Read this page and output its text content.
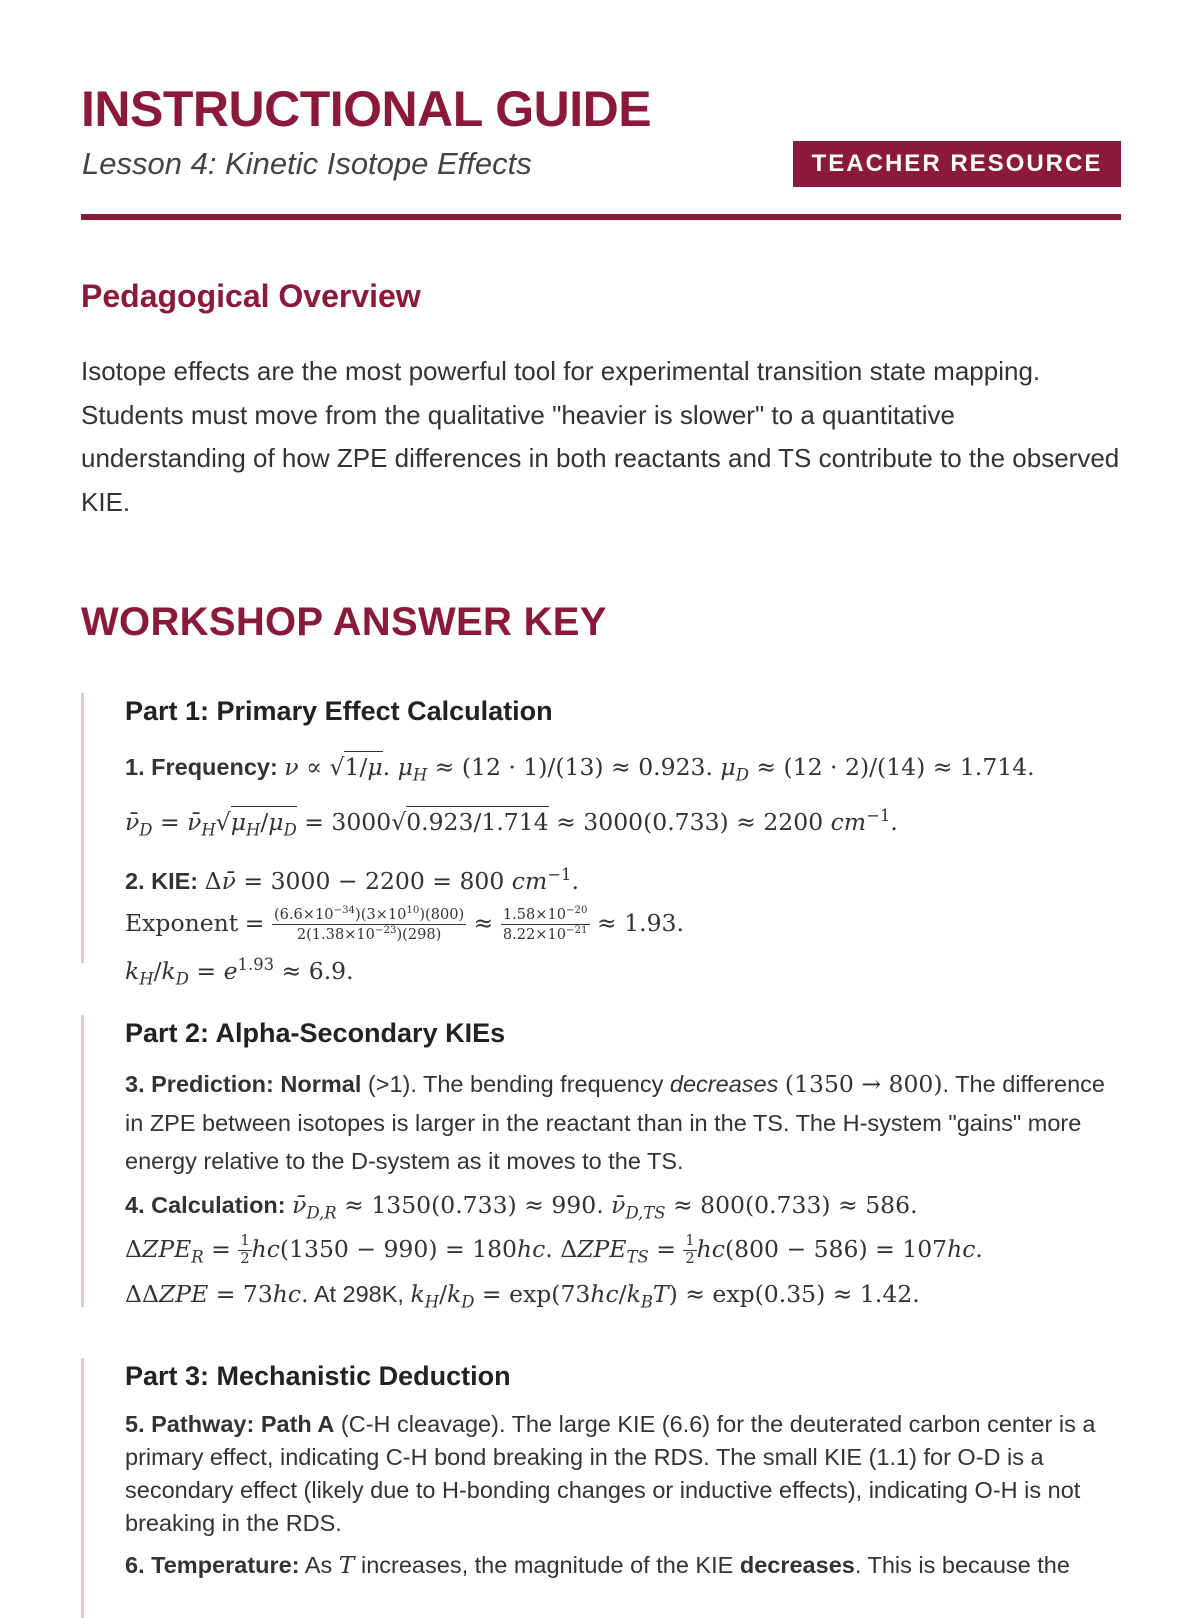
INSTRUCTIONAL GUIDE

Lesson 4: Kinetic Isotope Effects	TEACHER RESOURCE
Pedagogical Overview

Isotope effects are the most powerful tool for experimental transition state mapping. Students must move from the qualitative "heavier is slower" to a quantitative understanding of how ZPE differences in both reactants and TS contribute to the observed KIE.

WORKSHOP ANSWER KEY
Part 1: Primary Effect Calculation
1. Frequency: ν ∝ √1/μ. $\mu_H \approx (12 \cdot 1)/(13) \approx 0.923$. $\mu_D \approx (12 \cdot 2)/(14) \approx 1.714$.
$\nū_D$ = $\nū_H√\mu_H/\mu_D = 3000√0.923/1.714 \approx 3000(0.733) \approx 2200$ $cm^{-1}$.
2. KIE: Δν̄ = 3000 − 2200 = 800 $cm^{-1}$.
Exponent = $\frac{(6.6\times 10^{-34})(3\times 10^{10})(800)}{2(1.38\times 10^{-23})(298)} \approx \frac{1.58\times 10^{-20}}{8.22\times 10^{-21}} \approx 1.93$.
$k_H/k_D = e^{1.93} \approx 6.9$.
Part 2: Alpha-Secondary KIEs

3. Prediction: Normal (>1). The bending frequency decreases (1350 → 800). The difference in ZPE between isotopes is larger in the reactant than in the TS. The H-system "gains" more energy relative to the D-system as it moves to the TS.

4. Calculation: $\nū_{D,R} \approx 1350(0.733) \approx 990$. $\nū_{D,TS} \approx 800(0.733) \approx 586$.
$\Delta ZPE_R = \frac{1}{2} hc(1350 - 990) = 180hc$. $\Delta ZPE_{TS} = \frac{1}{2} hc(800 - 586) = 107hc$.
ΔΔZPE = 73hc. At 298K, $k_H/k_D = \exp(73hc/k_BT) \approx \exp(0.35) \approx 1.42$.
Part 3: Mechanistic Deduction

5. Pathway: Path A (C-H cleavage). The large KIE (6.6) for the deuterated carbon center is a primary effect, indicating C-H bond breaking in the RDS. The small KIE (1.1) for O-D is a secondary effect (likely due to H-bonding changes or inductive effects), indicating O-H is not breaking in the RDS.

6. Temperature: As T increases, the magnitude of the KIE decreases. This is because the
